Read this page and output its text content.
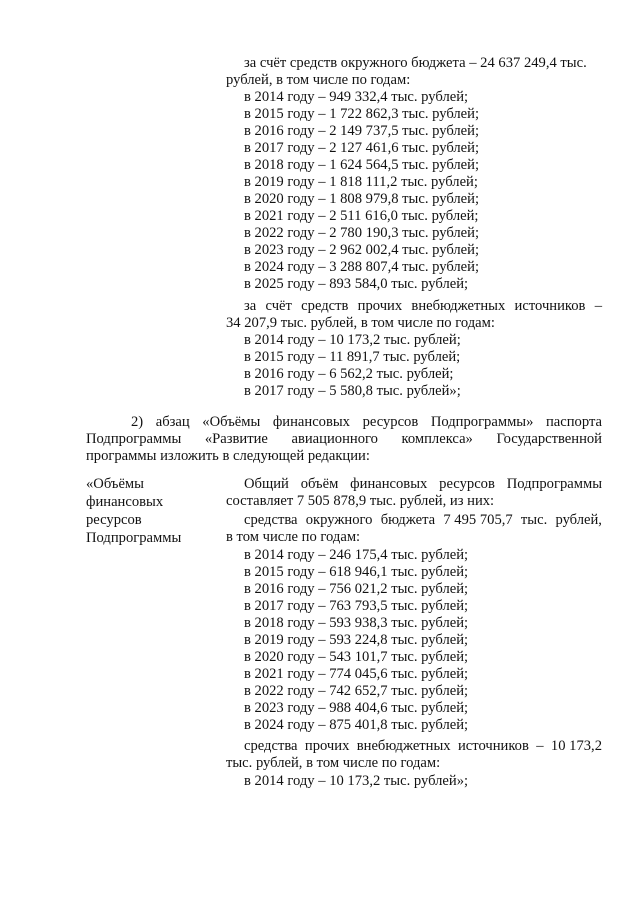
за счёт средств окружного бюджета – 24 637 249,4 тыс.
рублей, в том числе по годам:
в 2014 году – 949 332,4 тыс. рублей;
в 2015 году – 1 722 862,3 тыс. рублей;
в 2016 году – 2 149 737,5 тыс. рублей;
в 2017 году – 2 127 461,6 тыс. рублей;
в 2018 году – 1 624 564,5 тыс. рублей;
в 2019 году – 1 818 111,2 тыс. рублей;
в 2020 году – 1 808 979,8 тыс. рублей;
в 2021 году – 2 511 616,0 тыс. рублей;
в 2022 году – 2 780 190,3 тыс. рублей;
в 2023 году – 2 962 002,4 тыс. рублей;
в 2024 году – 3 288 807,4 тыс. рублей;
в 2025 году – 893 584,0 тыс. рублей;
за счёт средств прочих внебюджетных источников –
34 207,9 тыс. рублей, в том числе по годам:
в 2014 году – 10 173,2 тыс. рублей;
в 2015 году – 11 891,7 тыс. рублей;
в 2016 году – 6 562,2 тыс. рублей;
в 2017 году – 5 580,8 тыс. рублей»;
2) абзац «Объёмы финансовых ресурсов Подпрограммы» паспорта
Подпрограммы «Развитие авиационного комплекса» Государственной
программы изложить в следующей редакции:
«Объёмы
финансовых
ресурсов
Подпрограммы
Общий объём финансовых ресурсов Подпрограммы
составляет 7 505 878,9 тыс. рублей, из них:
средства окружного бюджета 7 495 705,7 тыс. рублей,
в том числе по годам:
в 2014 году – 246 175,4 тыс. рублей;
в 2015 году – 618 946,1 тыс. рублей;
в 2016 году – 756 021,2 тыс. рублей;
в 2017 году – 763 793,5 тыс. рублей;
в 2018 году – 593 938,3 тыс. рублей;
в 2019 году – 593 224,8 тыс. рублей;
в 2020 году – 543 101,7 тыс. рублей;
в 2021 году – 774 045,6 тыс. рублей;
в 2022 году – 742 652,7 тыс. рублей;
в 2023 году – 988 404,6 тыс. рублей;
в 2024 году – 875 401,8 тыс. рублей;
средства прочих внебюджетных источников – 10 173,2
тыс. рублей, в том числе по годам:
в 2014 году – 10 173,2 тыс. рублей»;
